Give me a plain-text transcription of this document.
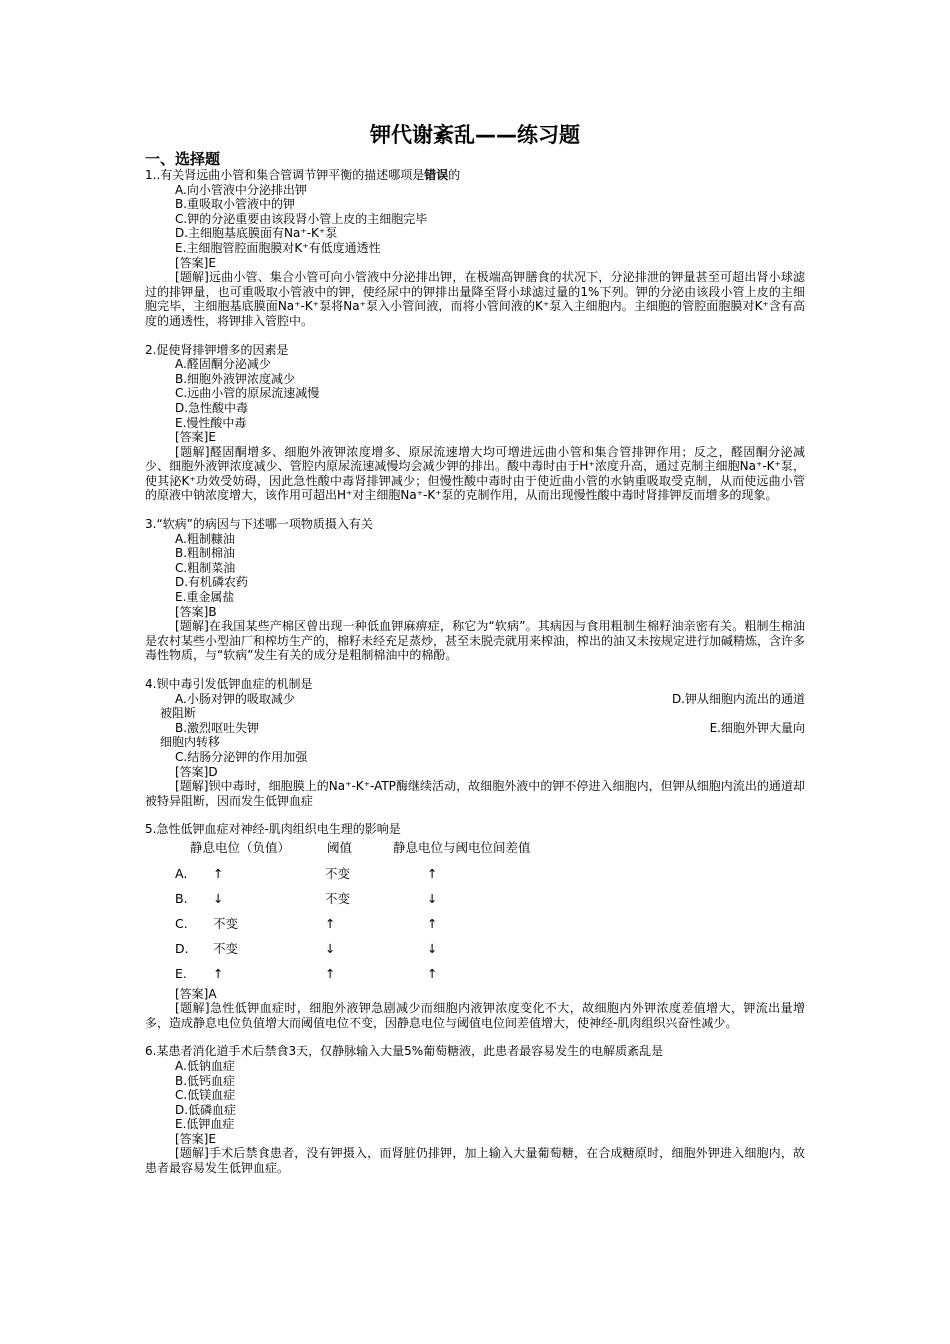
钾代谢紊乱——练习题

一、选择题

1..有关肾远曲小管和集合管调节钾平衡的描述哪项是错误的

A.向小管液中分泌排出钾

B.重吸取小管液中的钾

C.钾的分泌重要由该段肾小管上皮的主细胞完毕

D.主细胞基底膜面有Na⁺-K⁺泵

E.主细胞管腔面胞膜对K⁺有低度通透性

[答案]E

[题解]远曲小管、集合小管可向小管液中分泌排出钾，在极端高钾膳食的状况下，分泌排泄的钾量甚至可超出肾小球滤过的排钾量，也可重吸取小管液中的钾，使经尿中的钾排出量降至肾小球滤过量的1%下列。钾的分泌由该段小管上皮的主细胞完毕，主细胞基底膜面Na⁺-K⁺泵将Na⁺泵入小管间液，而将小管间液的K⁺泵入主细胞内。主细胞的管腔面胞膜对K⁺含有高度的通透性，将钾排入管腔中。

2.促使肾排钾增多的因素是

A.醛固酮分泌减少

B.细胞外液钾浓度减少

C.远曲小管的原尿流速减慢

D.急性酸中毒

E.慢性酸中毒

[答案]E

[题解]醛固酮增多、细胞外液钾浓度增多、原尿流速增大均可增进远曲小管和集合管排钾作用；反之，醛固酮分泌减少、细胞外液钾浓度减少、管腔内原尿流速减慢均会减少钾的排出。酸中毒时由于H⁺浓度升高，通过克制主细胞Na⁺-K⁺泵，使其泌K⁺功效受妨碍，因此急性酸中毒肾排钾减少；但慢性酸中毒时由于使近曲小管的水钠重吸取受克制，从而使远曲小管的原液中钠浓度增大，该作用可超出H⁺对主细胞Na⁺-K⁺泵的克制作用，从而出现慢性酸中毒时肾排钾反而增多的现象。

3.“软病”的病因与下述哪一项物质摄入有关

A.粗制糠油

B.粗制棉油

C.粗制菜油

D.有机磷农药

E.重金属盐

[答案]B

[题解]在我国某些产棉区曾出现一种低血钾麻痹症，称它为“软病”。其病因与食用粗制生棉籽油亲密有关。粗制生棉油是农村某些小型油厂和榨坊生产的，棉籽未经充足蒸炒，甚至未脱壳就用来榨油，榨出的油又未按规定进行加碱精炼，含许多毒性物质，与“软病”发生有关的成分是粗制棉油中的棉酚。

4.钡中毒引发低钾血症的机制是

A.小肠对钾的吸取减少	D.钾从细胞内流出的通道

被阻断

B.激烈呕吐失钾	E.细胞外钾大量向

细胞内转移

C.结肠分泌钾的作用加强

[答案]D

[题解]钡中毒时，细胞膜上的Na⁺-K⁺-ATP酶继续活动，故细胞外液中的钾不停进入细胞内，但钾从细胞内流出的通道却被特异阻断，因而发生低钾血症

5.急性低钾血症对神经-肌肉组织电生理的影响是

静息电位（负值）	阈值	静息电位与阈电位间差值
A.	↑	不变	↑
B.	↓	不变	↓
C.	不变	↑	↑
D.	不变	↓	↓
E.	↑	↑	↑

[答案]A

[题解]急性低钾血症时，细胞外液钾急剧减少而细胞内液钾浓度变化不大，故细胞内外钾浓度差值增大，钾流出量增多，造成静息电位负值增大而阈值电位不变，因静息电位与阈值电位间差值增大，使神经-肌肉组织兴奋性减少。

6.某患者消化道手术后禁食3天，仅静脉输入大量5%葡萄糖液，此患者最容易发生的电解质紊乱是

A.低钠血症

B.低钙血症

C.低镁血症

D.低磷血症

E.低钾血症

[答案]E

[题解]手术后禁食患者，没有钾摄入，而肾脏仍排钾，加上输入大量葡萄糖，在合成糖原时，细胞外钾进入细胞内，故患者最容易发生低钾血症。
